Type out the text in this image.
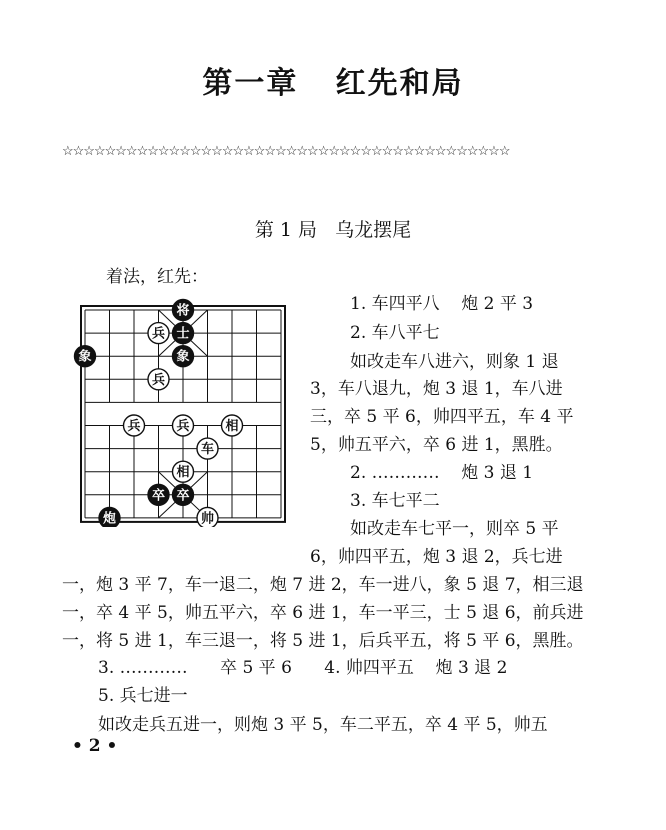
第一章   红先和局
☆☆☆☆☆☆☆☆☆☆☆☆☆☆☆☆☆☆☆☆☆☆☆☆☆☆☆☆☆☆☆☆☆☆☆☆☆☆☆☆☆☆
第 1 局   乌龙摆尾
着法，红先：
将
士
兵
象	象
兵
兵	兵	相
车
相
卒 卒
炮	帅
1. 车四平八    炮 2 平 3
2. 车八平七
如改走车八进六，则象 1 退
3，车八退九，炮 3 退 1，车八进
三，卒 5 平 6，帅四平五，车 4 平
5，帅五平六，卒 6 进 1，黑胜。
2. …………    炮 3 退 1
3. 车七平二
如改走车七平一，则卒 5 平
6，帅四平五，炮 3 退 2，兵七进
一，炮 3 平 7，车一退二，炮 7 进 2，车一进八，象 5 退 7，相三退
一，卒 4 平 5，帅五平六，卒 6 进 1，车一平三，士 5 退 6，前兵进
一，将 5 进 1，车三退一，将 5 进 1，后兵平五，将 5 平 6，黑胜。
3. …………      卒 5 平 6      4. 帅四平五    炮 3 退 2
5. 兵七进一
如改走兵五进一，则炮 3 平 5，车二平五，卒 4 平 5，帅五
• 2 •
